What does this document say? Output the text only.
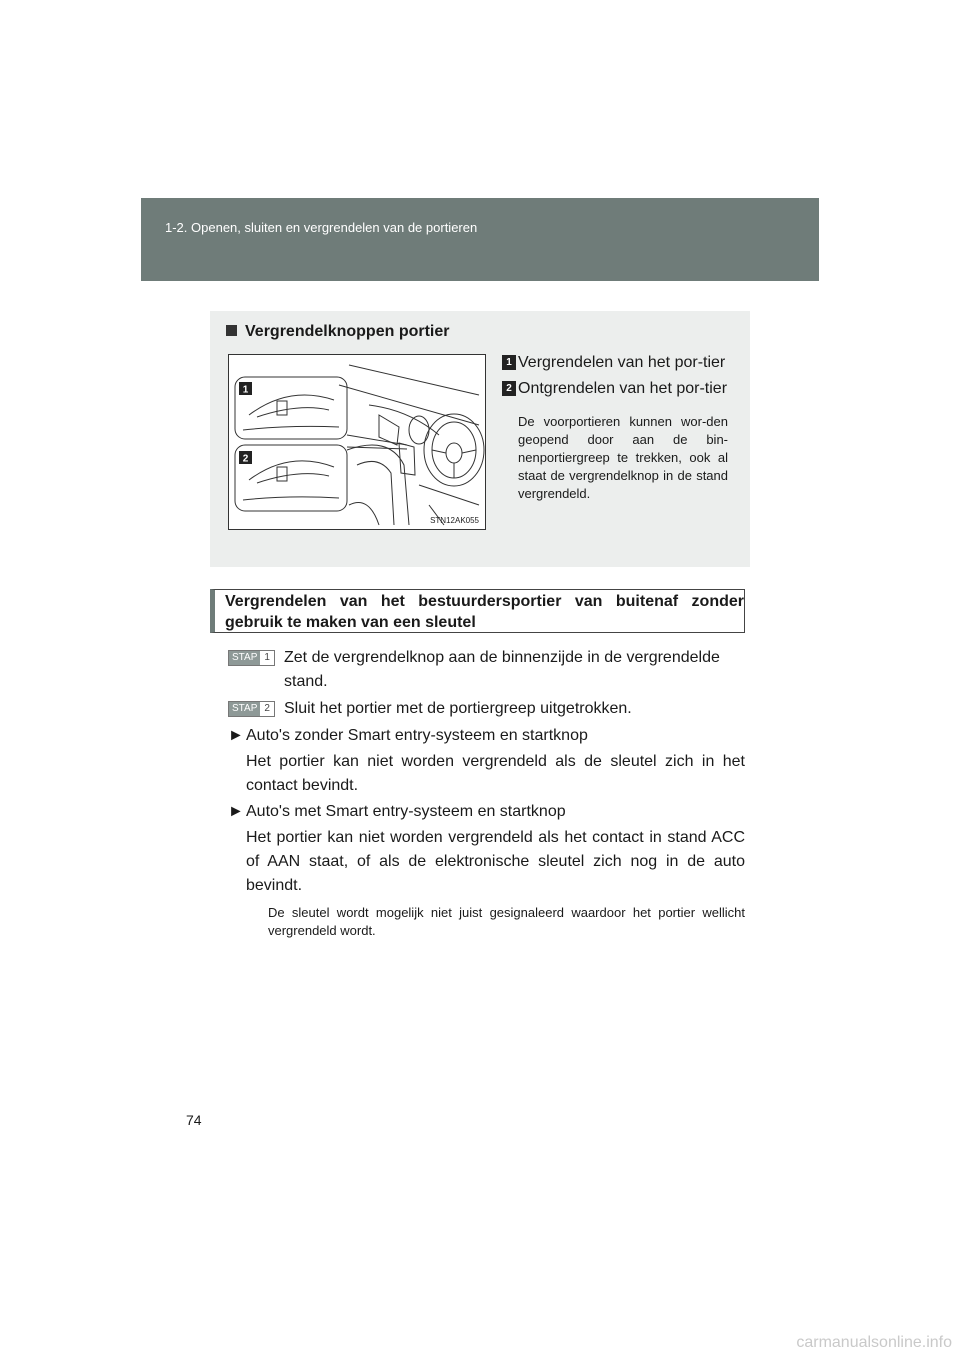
1-2. Openen, sluiten en vergrendelen van de portieren
Vergrendelknoppen portier
1
2
STN12AK055
1 Vergrendelen van het por-tier
2 Ontgrendelen van het por-tier
De voorportieren kunnen wor-den geopend door aan de bin-nenportiergreep te trekken, ook al staat de vergrendelknop in de stand vergrendeld.
Vergrendelen van het bestuurdersportier van buitenaf zonder gebruik te maken van een sleutel
STAP 1 Zet de vergrendelknop aan de binnenzijde in de vergrendelde stand.
STAP 2 Sluit het portier met de portiergreep uitgetrokken.
► Auto's zonder Smart entry-systeem en startknop
Het portier kan niet worden vergrendeld als de sleutel zich in het contact bevindt.
► Auto's met Smart entry-systeem en startknop
Het portier kan niet worden vergrendeld als het contact in stand ACC of AAN staat, of als de elektronische sleutel zich nog in de auto bevindt.
De sleutel wordt mogelijk niet juist gesignaleerd waardoor het portier wellicht vergrendeld wordt.
74
carmanualsonline.info
